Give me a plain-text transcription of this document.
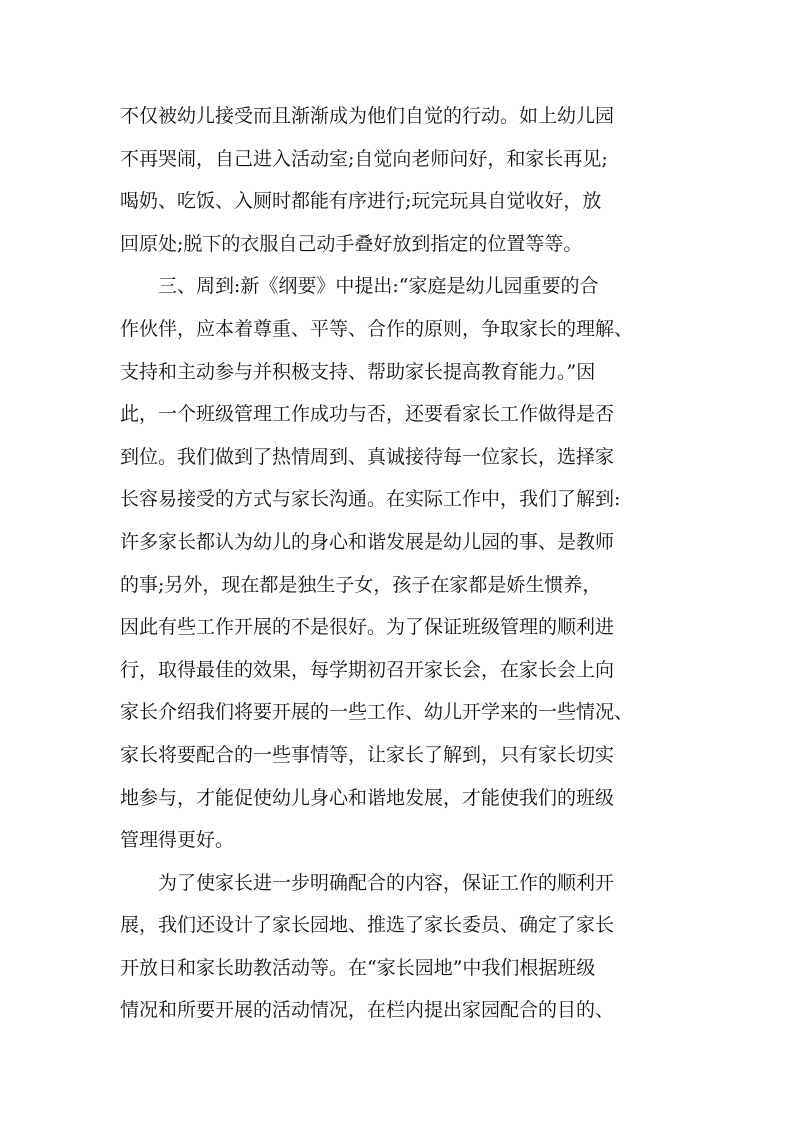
不仅被幼儿接受而且渐渐成为他们自觉的行动。如上幼儿园
不再哭闹，自己进入活动室;自觉向老师问好，和家长再见;
喝奶、吃饭、入厕时都能有序进行;玩完玩具自觉收好，放
回原处;脱下的衣服自己动手叠好放到指定的位置等等。
　　三、周到:新《纲要》中提出:“家庭是幼儿园重要的合
作伙伴，应本着尊重、平等、合作的原则，争取家长的理解、
支持和主动参与并积极支持、帮助家长提高教育能力。”因
此，一个班级管理工作成功与否，还要看家长工作做得是否
到位。我们做到了热情周到、真诚接待每一位家长，选择家
长容易接受的方式与家长沟通。在实际工作中，我们了解到:
许多家长都认为幼儿的身心和谐发展是幼儿园的事、是教师
的事;另外，现在都是独生子女，孩子在家都是娇生惯养，
因此有些工作开展的不是很好。为了保证班级管理的顺利进
行，取得最佳的效果，每学期初召开家长会，在家长会上向
家长介绍我们将要开展的一些工作、幼儿开学来的一些情况、
家长将要配合的一些事情等，让家长了解到，只有家长切实
地参与，才能促使幼儿身心和谐地发展，才能使我们的班级
管理得更好。
　　为了使家长进一步明确配合的内容，保证工作的顺利开
展，我们还设计了家长园地、推选了家长委员、确定了家长
开放日和家长助教活动等。在“家长园地”中我们根据班级
情况和所要开展的活动情况，在栏内提出家园配合的目的、
